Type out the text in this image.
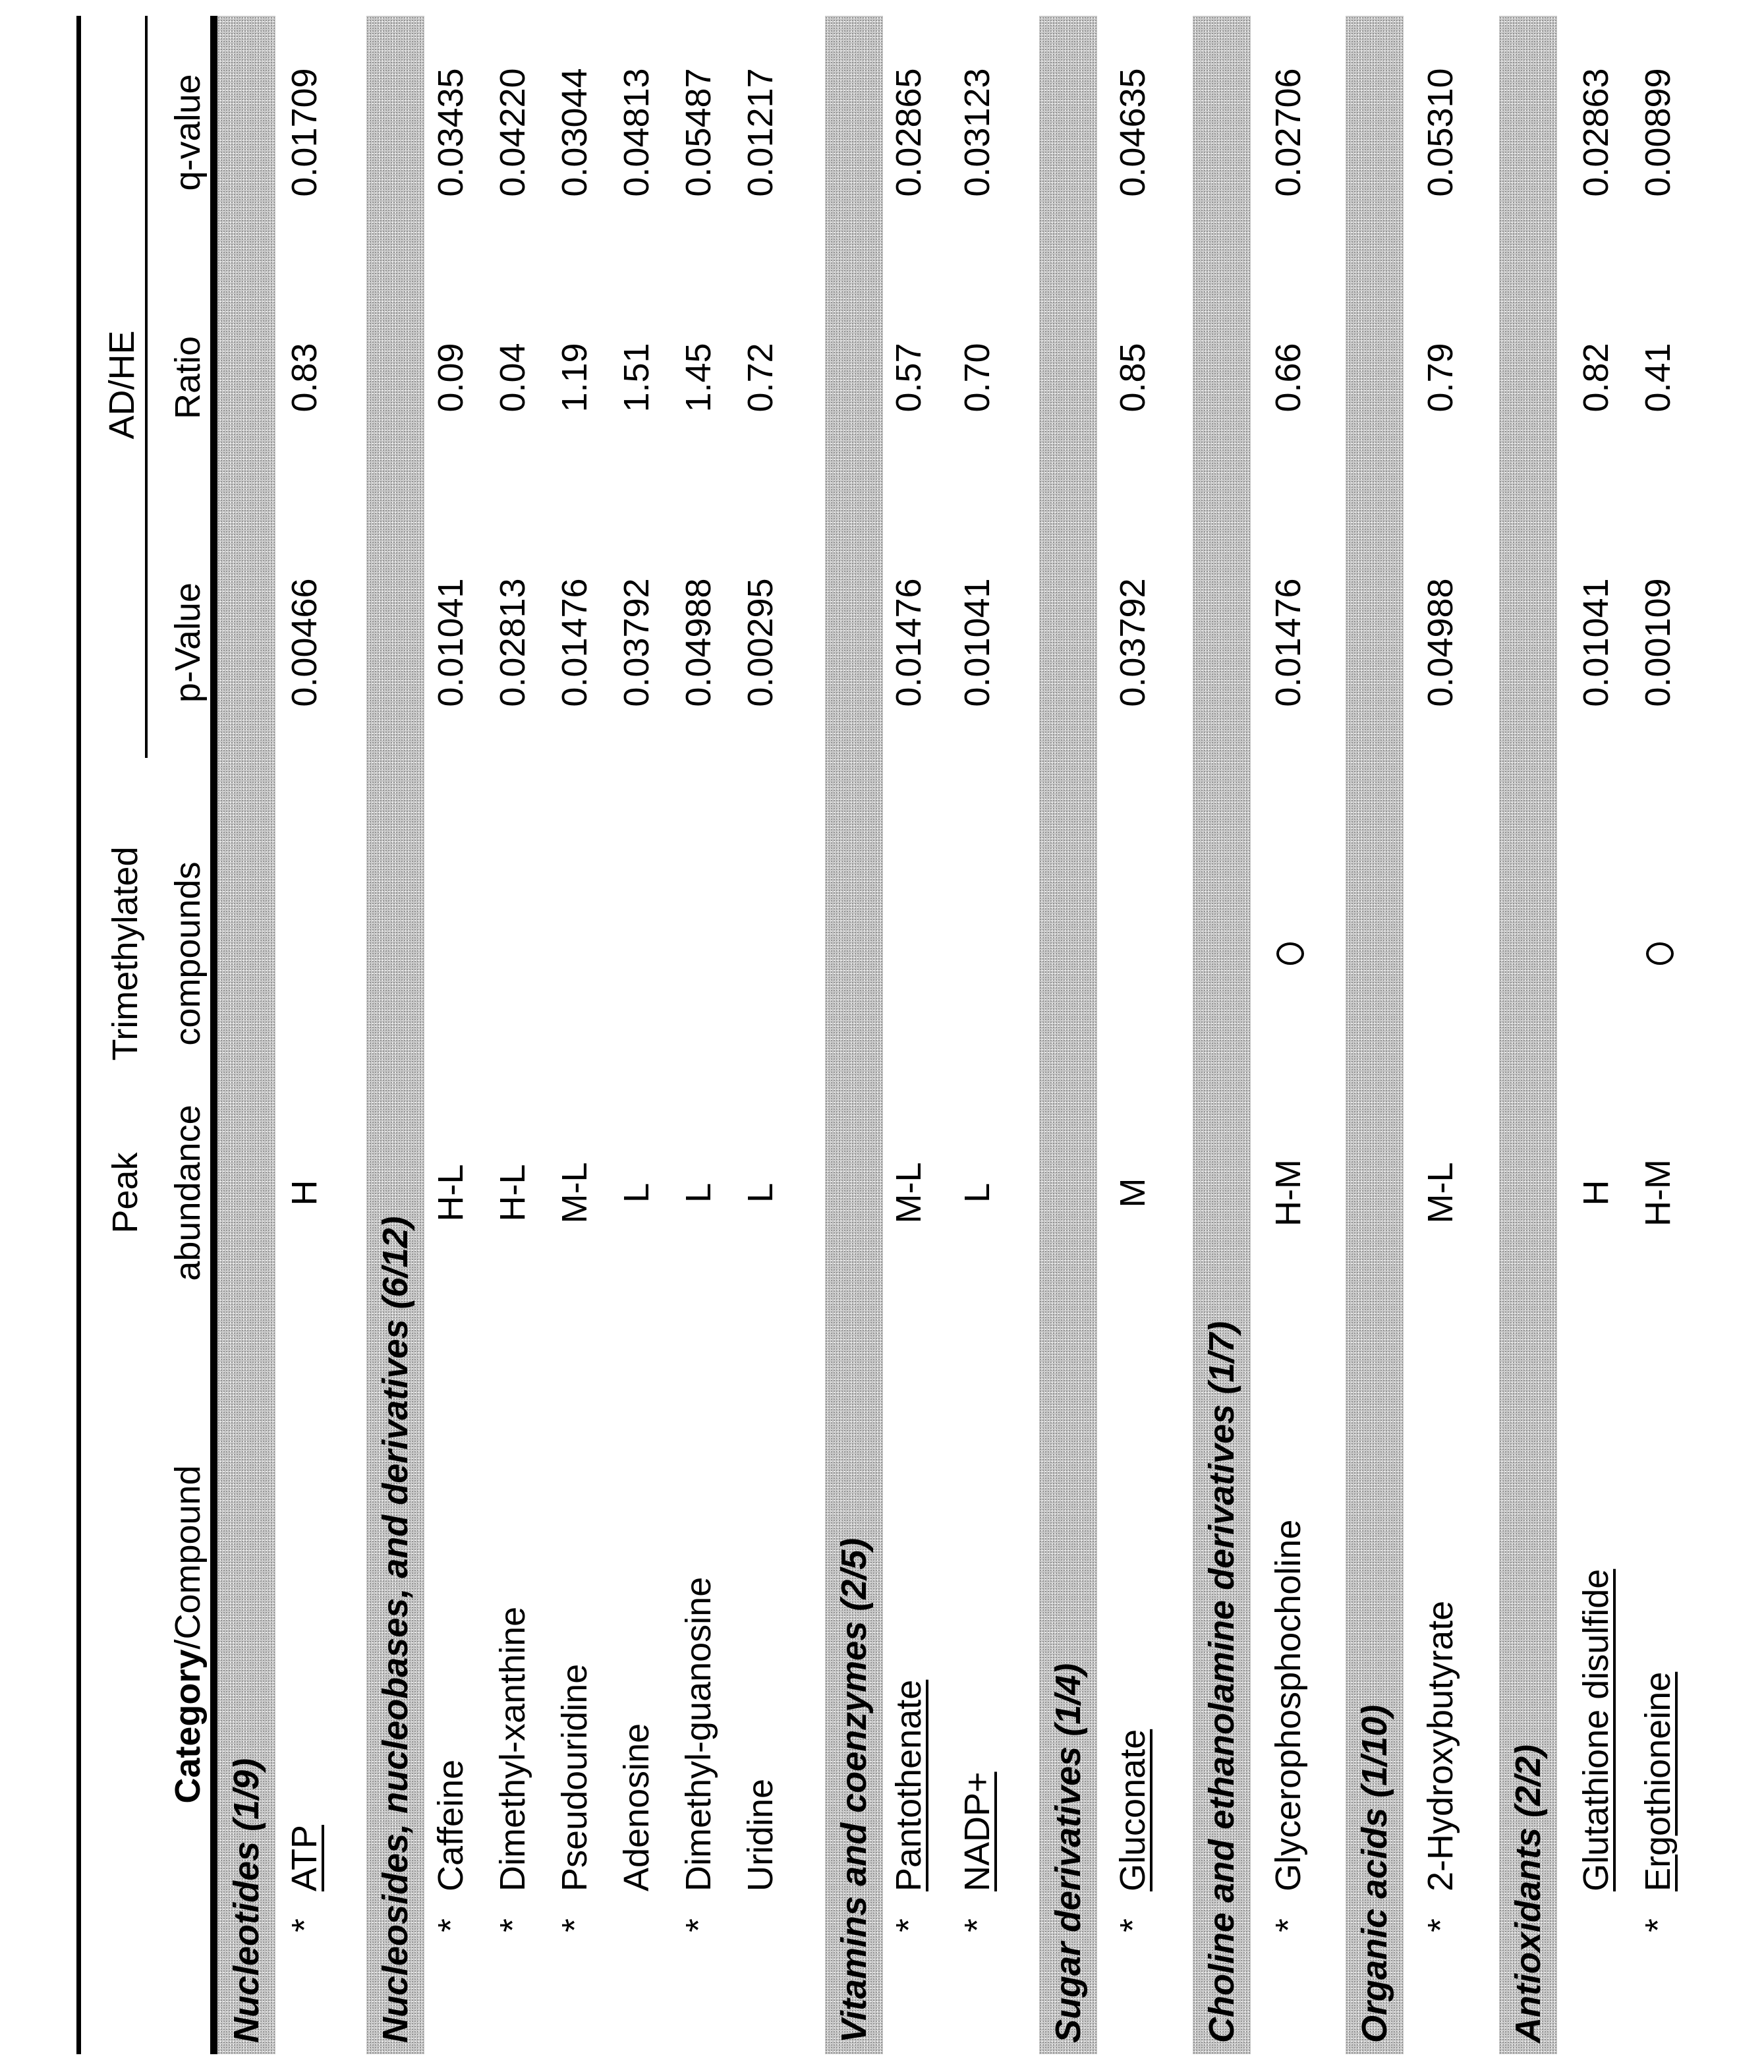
Category/Compound
Peak abundance
Trimethylated compounds
AD/HE
p-Value
Ratio
q-value
Nucleotides (1/9) *
ATP
H
0.00466
0.83
0.01709
Nucleosides, nucleobases, and derivatives (6/12) *
Caffeine
H-L
0.01041
0.09
0.03435
*
Dimethyl-xanthine
H-L
0.02813
0.04
0.04220
*
Pseudouridine
M-L
0.01476
1.19
0.03044
Adenosine
L
0.03792
1.51
0.04813
*
Dimethyl-guanosine
L
0.04988
1.45
0.05487
Uridine
L
0.00295
0.72
0.01217
Vitamins and coenzymes (2/5) *
Pantothenate
M-L
0.01476
0.57
0.02865
*
NADP+
L
0.01041
0.70
0.03123
Sugar derivatives (1/4) *
Gluconate
M
0.03792
0.85
0.04635
Choline and ethanolamine derivatives (1/7) *
Glycerophosphocholine
H-M
0.01476
0.66
0.02706
Organic acids (1/10) *
2-Hydroxybutyrate
M-L
0.04988
0.79
0.05310
Antioxidants (2/2)
Glutathione disulfide
H
0.01041
0.82
0.02863
*
Ergothioneine
H-M
0.00109
0.41
0.00899
